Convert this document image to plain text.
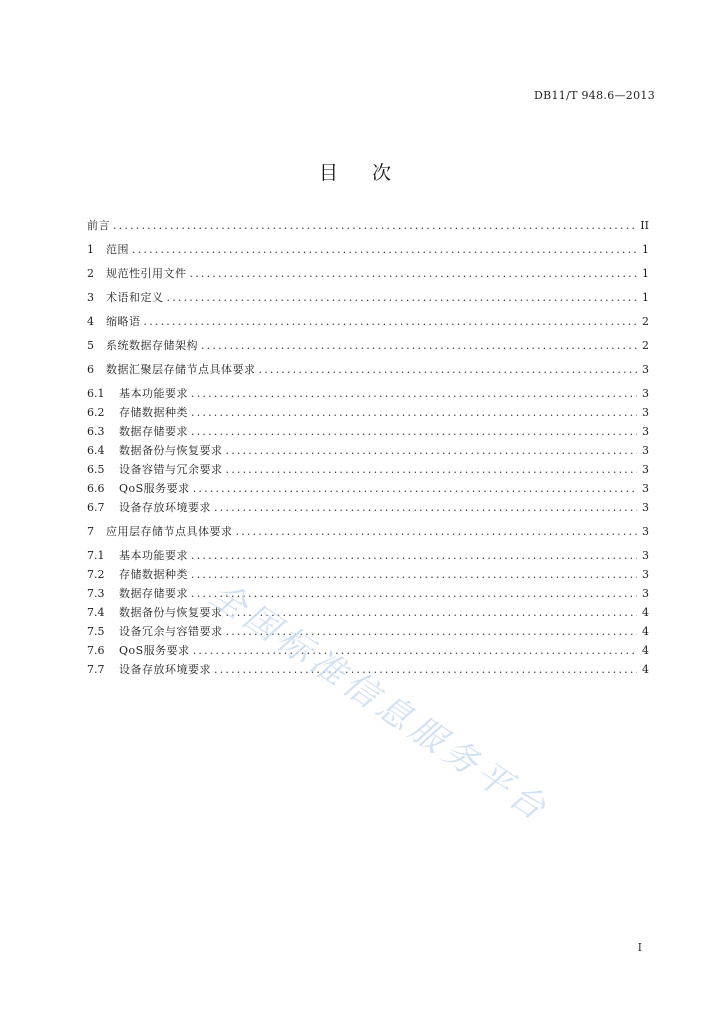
DB11/T 948.6—2013
目次
前言 .....	II
1	范围 .....	1
2	规范性引用文件 .....	1
3	术语和定义 .....	1
4	缩略语 .....	2
5	系统数据存储架构 .....	2
6	数据汇聚层存储节点具体要求 .....	3
6.1	基本功能要求 .....	3
6.2	存储数据种类 .....	3
6.3	数据存储要求 .....	3
6.4	数据备份与恢复要求 .....	3
6.5	设备容错与冗余要求 .....	3
6.6	QoS服务要求 .....	3
6.7	设备存放环境要求 .....	3
7	应用层存储节点具体要求 .....	3
7.1	基本功能要求 .....	3
7.2	存储数据种类 .....	3
7.3	数据存储要求 .....	3
7.4	数据备份与恢复要求 .....	4
7.5	设备冗余与容错要求 .....	4
7.6	QoS服务要求 .....	4
7.7	设备存放环境要求 .....	4
全国标准信息服务平台
I
